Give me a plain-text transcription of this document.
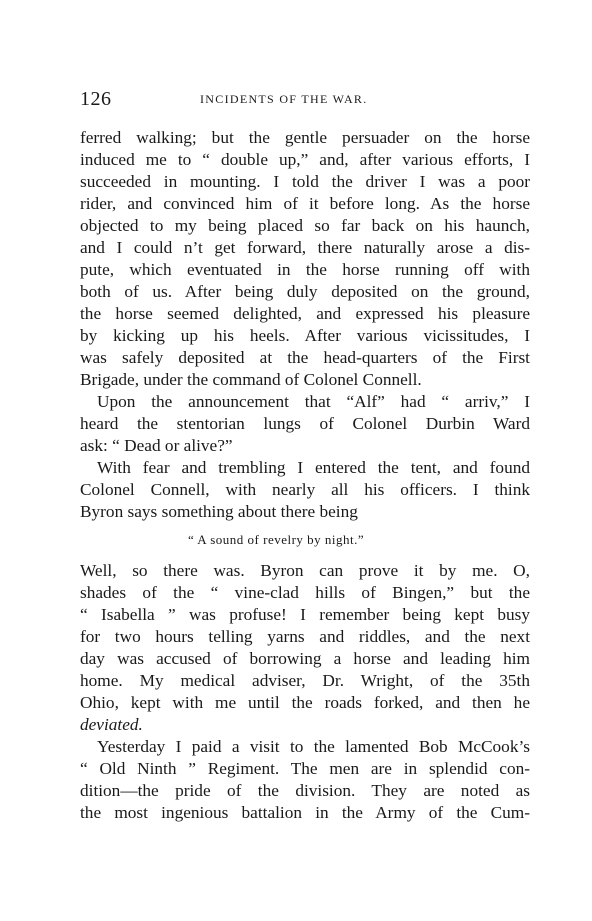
126	INCIDENTS OF THE WAR.
ferred walking; but the gentle persuader on the horse
induced me to “ double up,” and, after various efforts, I
succeeded in mounting. I told the driver I was a poor
rider, and convinced him of it before long. As the horse
objected to my being placed so far back on his haunch,
and I could n’t get forward, there naturally arose a dis-
pute, which eventuated in the horse running off with
both of us. After being duly deposited on the ground,
the horse seemed delighted, and expressed his pleasure
by kicking up his heels. After various vicissitudes, I
was safely deposited at the head-quarters of the First
Brigade, under the command of Colonel Connell.
Upon the announcement that “Alf” had “ arriv,” I
heard the stentorian lungs of Colonel Durbin Ward
ask: “ Dead or alive?”
With fear and trembling I entered the tent, and found
Colonel Connell, with nearly all his officers. I think
Byron says something about there being
“ A sound of revelry by night.”
Well, so there was. Byron can prove it by me. O,
shades of the “ vine-clad hills of Bingen,” but the
“ Isabella ” was profuse! I remember being kept busy
for two hours telling yarns and riddles, and the next
day was accused of borrowing a horse and leading him
home. My medical adviser, Dr. Wright, of the 35th
Ohio, kept with me until the roads forked, and then he
deviated.
Yesterday I paid a visit to the lamented Bob McCook’s
“ Old Ninth ” Regiment. The men are in splendid con-
dition—the pride of the division. They are noted as
the most ingenious battalion in the Army of the Cum-
